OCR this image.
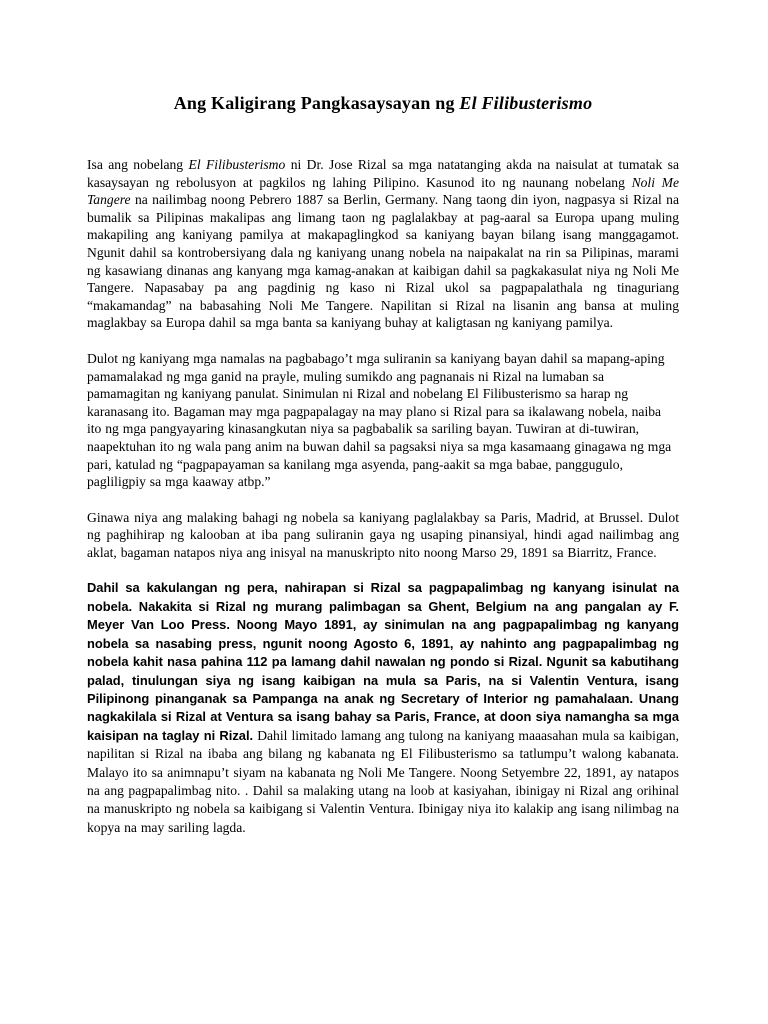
Ang Kaligirang Pangkasaysayan ng El Filibusterismo

Isa ang nobelang El Filibusterismo ni Dr. Jose Rizal sa mga natatanging akda na naisulat at tumatak sa kasaysayan ng rebolusyon at pagkilos ng lahing Pilipino. Kasunod ito ng naunang nobelang Noli Me Tangere na nailimbag noong Pebrero 1887 sa Berlin, Germany. Nang taong din iyon, nagpasya si Rizal na bumalik sa Pilipinas makalipas ang limang taon ng paglalakbay at pag-aaral sa Europa upang muling makapiling ang kaniyang pamilya at makapaglingkod sa kaniyang bayan bilang isang manggagamot. Ngunit dahil sa kontrobersiyang dala ng kaniyang unang nobela na naipakalat na rin sa Pilipinas, marami ng kasawiang dinanas ang kanyang mga kamag-anakan at kaibigan dahil sa pagkakasulat niya ng Noli Me Tangere. Napasabay pa ang pagdinig ng kaso ni Rizal ukol sa pagpapalathala ng tinaguriang “makamandag” na babasahing Noli Me Tangere. Napilitan si Rizal na lisanin ang bansa at muling maglakbay sa Europa dahil sa mga banta sa kaniyang buhay at kaligtasan ng kaniyang pamilya.

Dulot ng kaniyang mga namalas na pagbabago’t mga suliranin sa kaniyang bayan dahil sa mapang-aping pamamalakad ng mga ganid na prayle, muling sumikdo ang pagnanais ni Rizal na lumaban sa pamamagitan ng kaniyang panulat. Sinimulan ni Rizal and nobelang El Filibusterismo sa harap ng karanasang ito. Bagaman may mga pagpapalagay na may plano si Rizal para sa ikalawang nobela, naiba ito ng mga pangyayaring kinasangkutan niya sa pagbabalik sa sariling bayan. Tuwiran at di-tuwiran, naapektuhan ito ng wala pang anim na buwan dahil sa pagsaksi niya sa mga kasamaang ginagawa ng mga pari, katulad ng “pagpapayaman sa kanilang mga asyenda, pang-aakit sa mga babae, panggugulo, pagliligpiy sa mga kaaway atbp.”

Ginawa niya ang malaking bahagi ng nobela sa kaniyang paglalakbay sa Paris, Madrid, at Brussel. Dulot ng paghihirap ng kalooban at iba pang suliranin gaya ng usaping pinansiyal, hindi agad nailimbag ang aklat, bagaman natapos niya ang inisyal na manuskripto nito noong Marso 29, 1891 sa Biarritz, France.

Dahil sa kakulangan ng pera, nahirapan si Rizal sa pagpapalimbag ng kanyang isinulat na nobela. Nakakita si Rizal ng murang palimbagan sa Ghent, Belgium na ang pangalan ay F. Meyer Van Loo Press. Noong Mayo 1891, ay sinimulan na ang pagpapalimbag ng kanyang nobela sa nasabing press, ngunit noong Agosto 6, 1891, ay nahinto ang pagpapalimbag ng nobela kahit nasa pahina 112 pa lamang dahil nawalan ng pondo si Rizal. Ngunit sa kabutihang palad, tinulungan siya ng isang kaibigan na mula sa Paris, na si Valentin Ventura, isang Pilipinong pinanganak sa Pampanga na anak ng Secretary of Interior ng pamahalaan. Unang nagkakilala si Rizal at Ventura sa isang bahay sa Paris, France, at doon siya namangha sa mga kaisipan na taglay ni Rizal. Dahil limitado lamang ang tulong na kaniyang maaasahan mula sa kaibigan, napilitan si Rizal na ibaba ang bilang ng kabanata ng El Filibusterismo sa tatlumpu’t walong kabanata. Malayo ito sa animnapu’t siyam na kabanata ng Noli Me Tangere. Noong Setyembre 22, 1891, ay natapos na ang pagpapalimbag nito. . Dahil sa malaking utang na loob at kasiyahan, ibinigay ni Rizal ang orihinal na manuskripto ng nobela sa kaibigang si Valentin Ventura. Ibinigay niya ito kalakip ang isang nilimbag na kopya na may sariling lagda.
